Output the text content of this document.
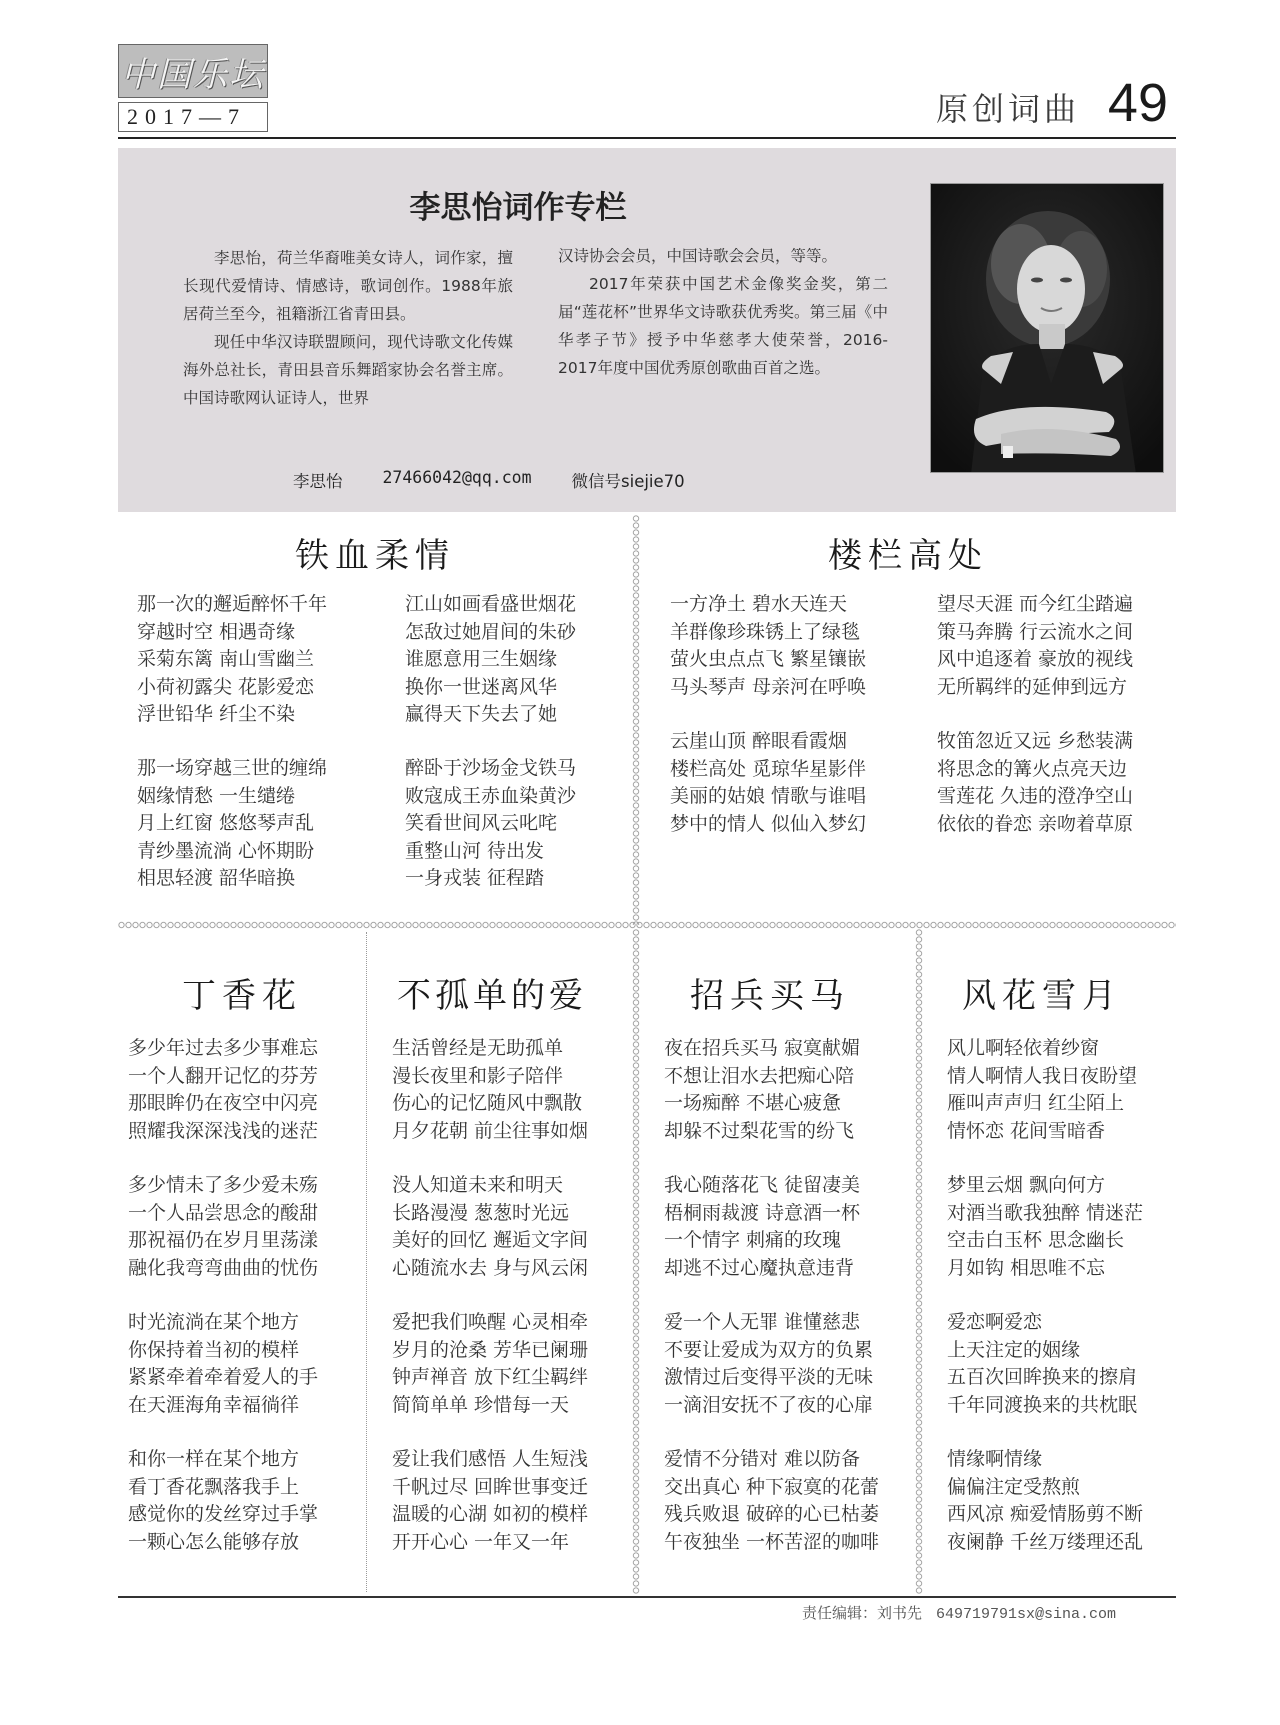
中国乐坛
2017—7	原创词曲 49
李思怡词作专栏

李思怡，荷兰华裔唯美女诗人，词作家，擅长现代爱情诗、情感诗，歌词创作。1988年旅居荷兰至今，祖籍浙江省青田县。

现任中华汉诗联盟顾问，现代诗歌文化传媒海外总社长，青田县音乐舞蹈家协会名誉主席。中国诗歌网认证诗人，世界

汉诗协会会员，中国诗歌会会员，等等。

2017年荣获中国艺术金像奖金奖，第二届“莲花杯”世界华文诗歌获优秀奖。第三届《中华孝子节》授予中华慈孝大使荣誉，2016-2017年度中国优秀原创歌曲百首之选。

李思怡 27466042@qq.com 微信号siejie70
铁血柔情
那一次的邂逅醉怀千年
穿越时空 相遇奇缘
采菊东篱 南山雪幽兰
小荷初露尖 花影爱恋
浮世铅华 纤尘不染
那一场穿越三世的缠绵
姻缘情愁 一生缱绻
月上红窗 悠悠琴声乱
青纱墨流淌 心怀期盼
相思轻渡 韶华暗换
江山如画看盛世烟花
怎敌过她眉间的朱砂
谁愿意用三生姻缘
换你一世迷离风华
赢得天下失去了她
醉卧于沙场金戈铁马
败寇成王赤血染黄沙
笑看世间风云叱咤
重整山河 待出发
一身戎装 征程踏
楼栏高处
一方净土 碧水天连天
羊群像珍珠锈上了绿毯
萤火虫点点飞 繁星镶嵌
马头琴声 母亲河在呼唤
云崖山顶 醉眼看霞烟
楼栏高处 觅琼华星影伴
美丽的姑娘 情歌与谁唱
梦中的情人 似仙入梦幻
望尽天涯 而今红尘踏遍
策马奔腾 行云流水之间
风中追逐着 豪放的视线
无所羁绊的延伸到远方
牧笛忽近又远 乡愁装满
将思念的篝火点亮天边
雪莲花 久违的澄净空山
依依的眷恋 亲吻着草原
丁香花
多少年过去多少事难忘
一个人翻开记忆的芬芳
那眼眸仍在夜空中闪亮
照耀我深深浅浅的迷茫
多少情未了多少爱未殇
一个人品尝思念的酸甜
那祝福仍在岁月里荡漾
融化我弯弯曲曲的忧伤
时光流淌在某个地方
你保持着当初的模样
紧紧牵着牵着爱人的手
在天涯海角幸福徜徉
和你一样在某个地方
看丁香花飘落我手上
感觉你的发丝穿过手掌
一颗心怎么能够存放
不孤单的爱
生活曾经是无助孤单
漫长夜里和影子陪伴
伤心的记忆随风中飘散
月夕花朝 前尘往事如烟
没人知道未来和明天
长路漫漫 葱葱时光远
美好的回忆 邂逅文字间
心随流水去 身与风云闲
爱把我们唤醒 心灵相牵
岁月的沧桑 芳华已阑珊
钟声禅音 放下红尘羁绊
简简单单 珍惜每一天
爱让我们感悟 人生短浅
千帆过尽 回眸世事变迁
温暖的心湖 如初的模样
开开心心 一年又一年
招兵买马
夜在招兵买马 寂寞献媚
不想让泪水去把痴心陪
一场痴醉 不堪心疲惫
却躲不过梨花雪的纷飞
我心随落花飞 徒留凄美
梧桐雨裁渡 诗意酒一杯
一个情字 刺痛的玫瑰
却逃不过心魔执意违背
爱一个人无罪 谁懂慈悲
不要让爱成为双方的负累
激情过后变得平淡的无味
一滴泪安抚不了夜的心扉
爱情不分错对 难以防备
交出真心 种下寂寞的花蕾
残兵败退 破碎的心已枯萎
午夜独坐 一杯苦涩的咖啡
风花雪月
风儿啊轻依着纱窗
情人啊情人我日夜盼望
雁叫声声归 红尘陌上
情怀恋 花间雪暗香
梦里云烟 飘向何方
对酒当歌我独醉 情迷茫
空击白玉杯 思念幽长
月如钩 相思唯不忘
爱恋啊爱恋
上天注定的姻缘
五百次回眸换来的擦肩
千年同渡换来的共枕眠
情缘啊情缘
偏偏注定受熬煎
西风凉 痴爱情肠剪不断
夜阑静 千丝万缕理还乱
责任编辑：刘书先 649719791sx@sina.com
